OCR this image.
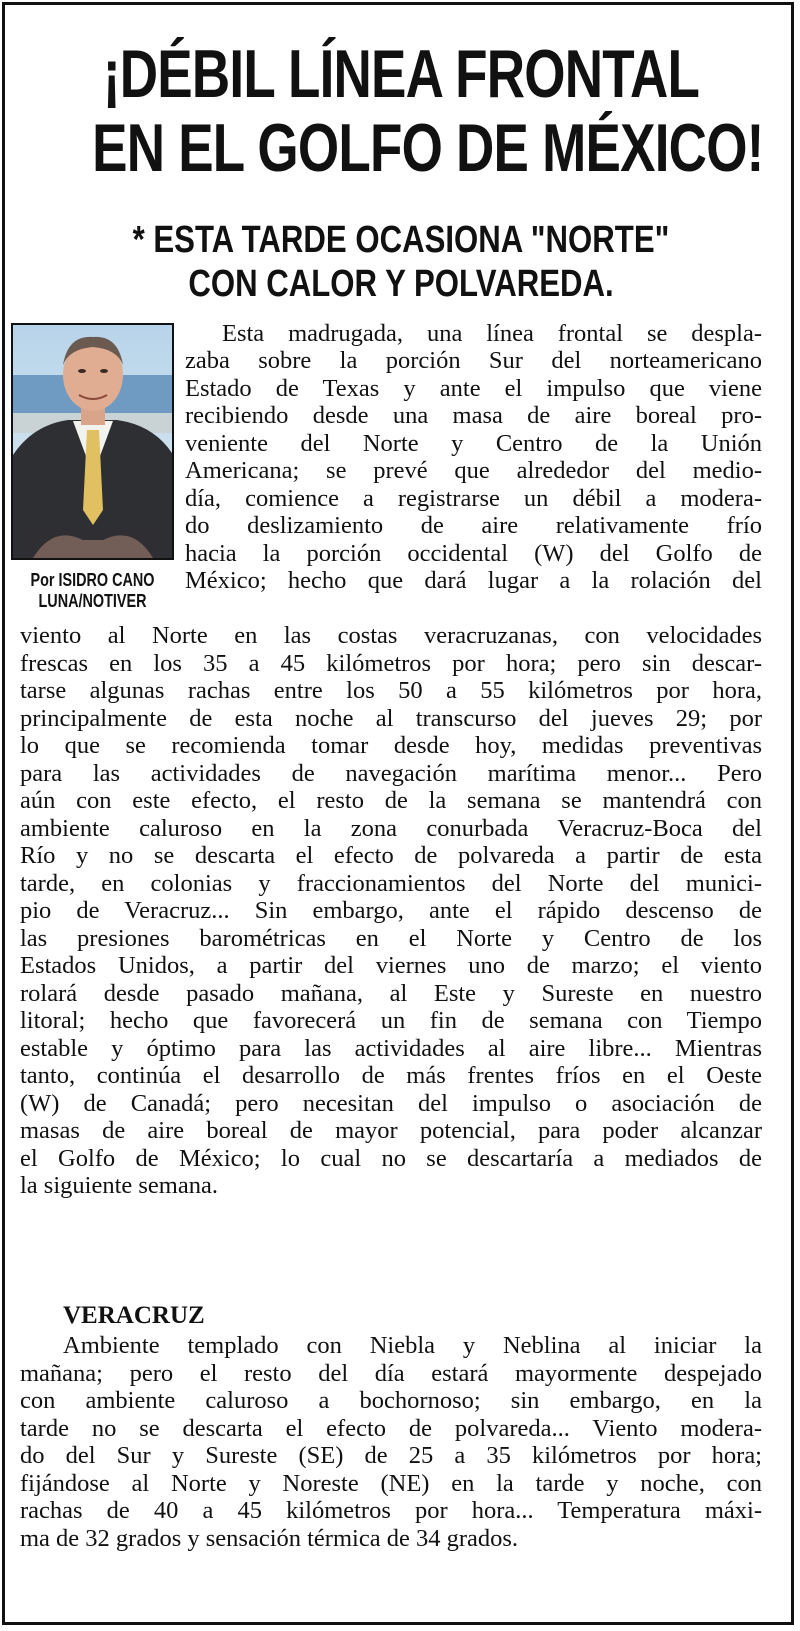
¡DÉBIL LÍNEA FRONTAL
EN EL GOLFO DE MÉXICO!
* ESTA TARDE OCASIONA "NORTE"
CON CALOR Y POLVAREDA.
Por ISIDRO CANO
LUNA/NOTIVER
Esta madrugada, una línea frontal se despla-
zaba sobre la porción Sur del norteamericano
Estado de Texas y ante el impulso que viene
recibiendo desde una masa de aire boreal pro-
veniente del Norte y Centro de la Unión
Americana; se prevé que alrededor del medio-
día, comience a registrarse un débil a modera-
do deslizamiento de aire relativamente frío
hacia la porción occidental (W) del Golfo de
México; hecho que dará lugar a la rolación del
viento al Norte en las costas veracruzanas, con velocidades
frescas en los 35 a 45 kilómetros por hora; pero sin descar-
tarse algunas rachas entre los 50 a 55 kilómetros por hora,
principalmente de esta noche al transcurso del jueves 29; por
lo que se recomienda tomar desde hoy, medidas preventivas
para las actividades de navegación marítima menor... Pero
aún con este efecto, el resto de la semana se mantendrá con
ambiente caluroso en la zona conurbada Veracruz-Boca del
Río y no se descarta el efecto de polvareda a partir de esta
tarde, en colonias y fraccionamientos del Norte del munici-
pio de Veracruz... Sin embargo, ante el rápido descenso de
las presiones barométricas en el Norte y Centro de los
Estados Unidos, a partir del viernes uno de marzo; el viento
rolará desde pasado mañana, al Este y Sureste en nuestro
litoral; hecho que favorecerá un fin de semana con Tiempo
estable y óptimo para las actividades al aire libre... Mientras
tanto, continúa el desarrollo de más frentes fríos en el Oeste
(W) de Canadá; pero necesitan del impulso o asociación de
masas de aire boreal de mayor potencial, para poder alcanzar
el Golfo de México; lo cual no se descartaría a mediados de
la siguiente semana.
VERACRUZ
Ambiente templado con Niebla y Neblina al iniciar la
mañana; pero el resto del día estará mayormente despejado
con ambiente caluroso a bochornoso; sin embargo, en la
tarde no se descarta el efecto de polvareda... Viento modera-
do del Sur y Sureste (SE) de 25 a 35 kilómetros por hora;
fijándose al Norte y Noreste (NE) en la tarde y noche, con
rachas de 40 a 45 kilómetros por hora... Temperatura máxi-
ma de 32 grados y sensación térmica de 34 grados.
